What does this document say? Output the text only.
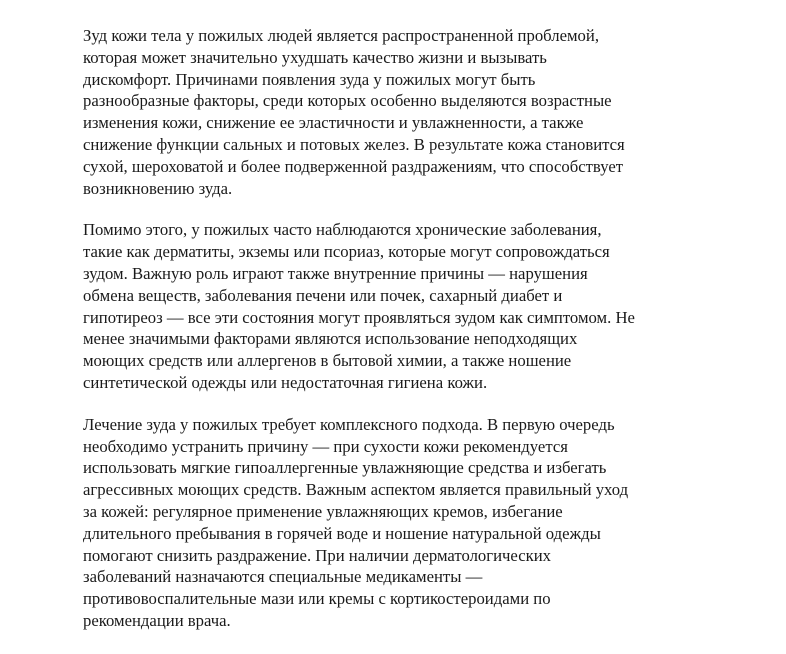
Зуд кожи тела у пожилых людей является распространенной проблемой,
которая может значительно ухудшать качество жизни и вызывать
дискомфорт. Причинами появления зуда у пожилых могут быть
разнообразные факторы, среди которых особенно выделяются возрастные
изменения кожи, снижение ее эластичности и увлажненности, а также
снижение функции сальных и потовых желез. В результате кожа становится
сухой, шероховатой и более подверженной раздражениям, что способствует
возникновению зуда.

Помимо этого, у пожилых часто наблюдаются хронические заболевания,
такие как дерматиты, экземы или псориаз, которые могут сопровождаться
зудом. Важную роль играют также внутренние причины — нарушения
обмена веществ, заболевания печени или почек, сахарный диабет и
гипотиреоз — все эти состояния могут проявляться зудом как симптомом. Не
менее значимыми факторами являются использование неподходящих
моющих средств или аллергенов в бытовой химии, а также ношение
синтетической одежды или недостаточная гигиена кожи.

Лечение зуда у пожилых требует комплексного подхода. В первую очередь
необходимо устранить причину — при сухости кожи рекомендуется
использовать мягкие гипоаллергенные увлажняющие средства и избегать
агрессивных моющих средств. Важным аспектом является правильный уход
за кожей: регулярное применение увлажняющих кремов, избегание
длительного пребывания в горячей воде и ношение натуральной одежды
помогают снизить раздражение. При наличии дерматологических
заболеваний назначаются специальные медикаменты —
противовоспалительные мази или кремы с кортикостероидами по
рекомендации врача.
